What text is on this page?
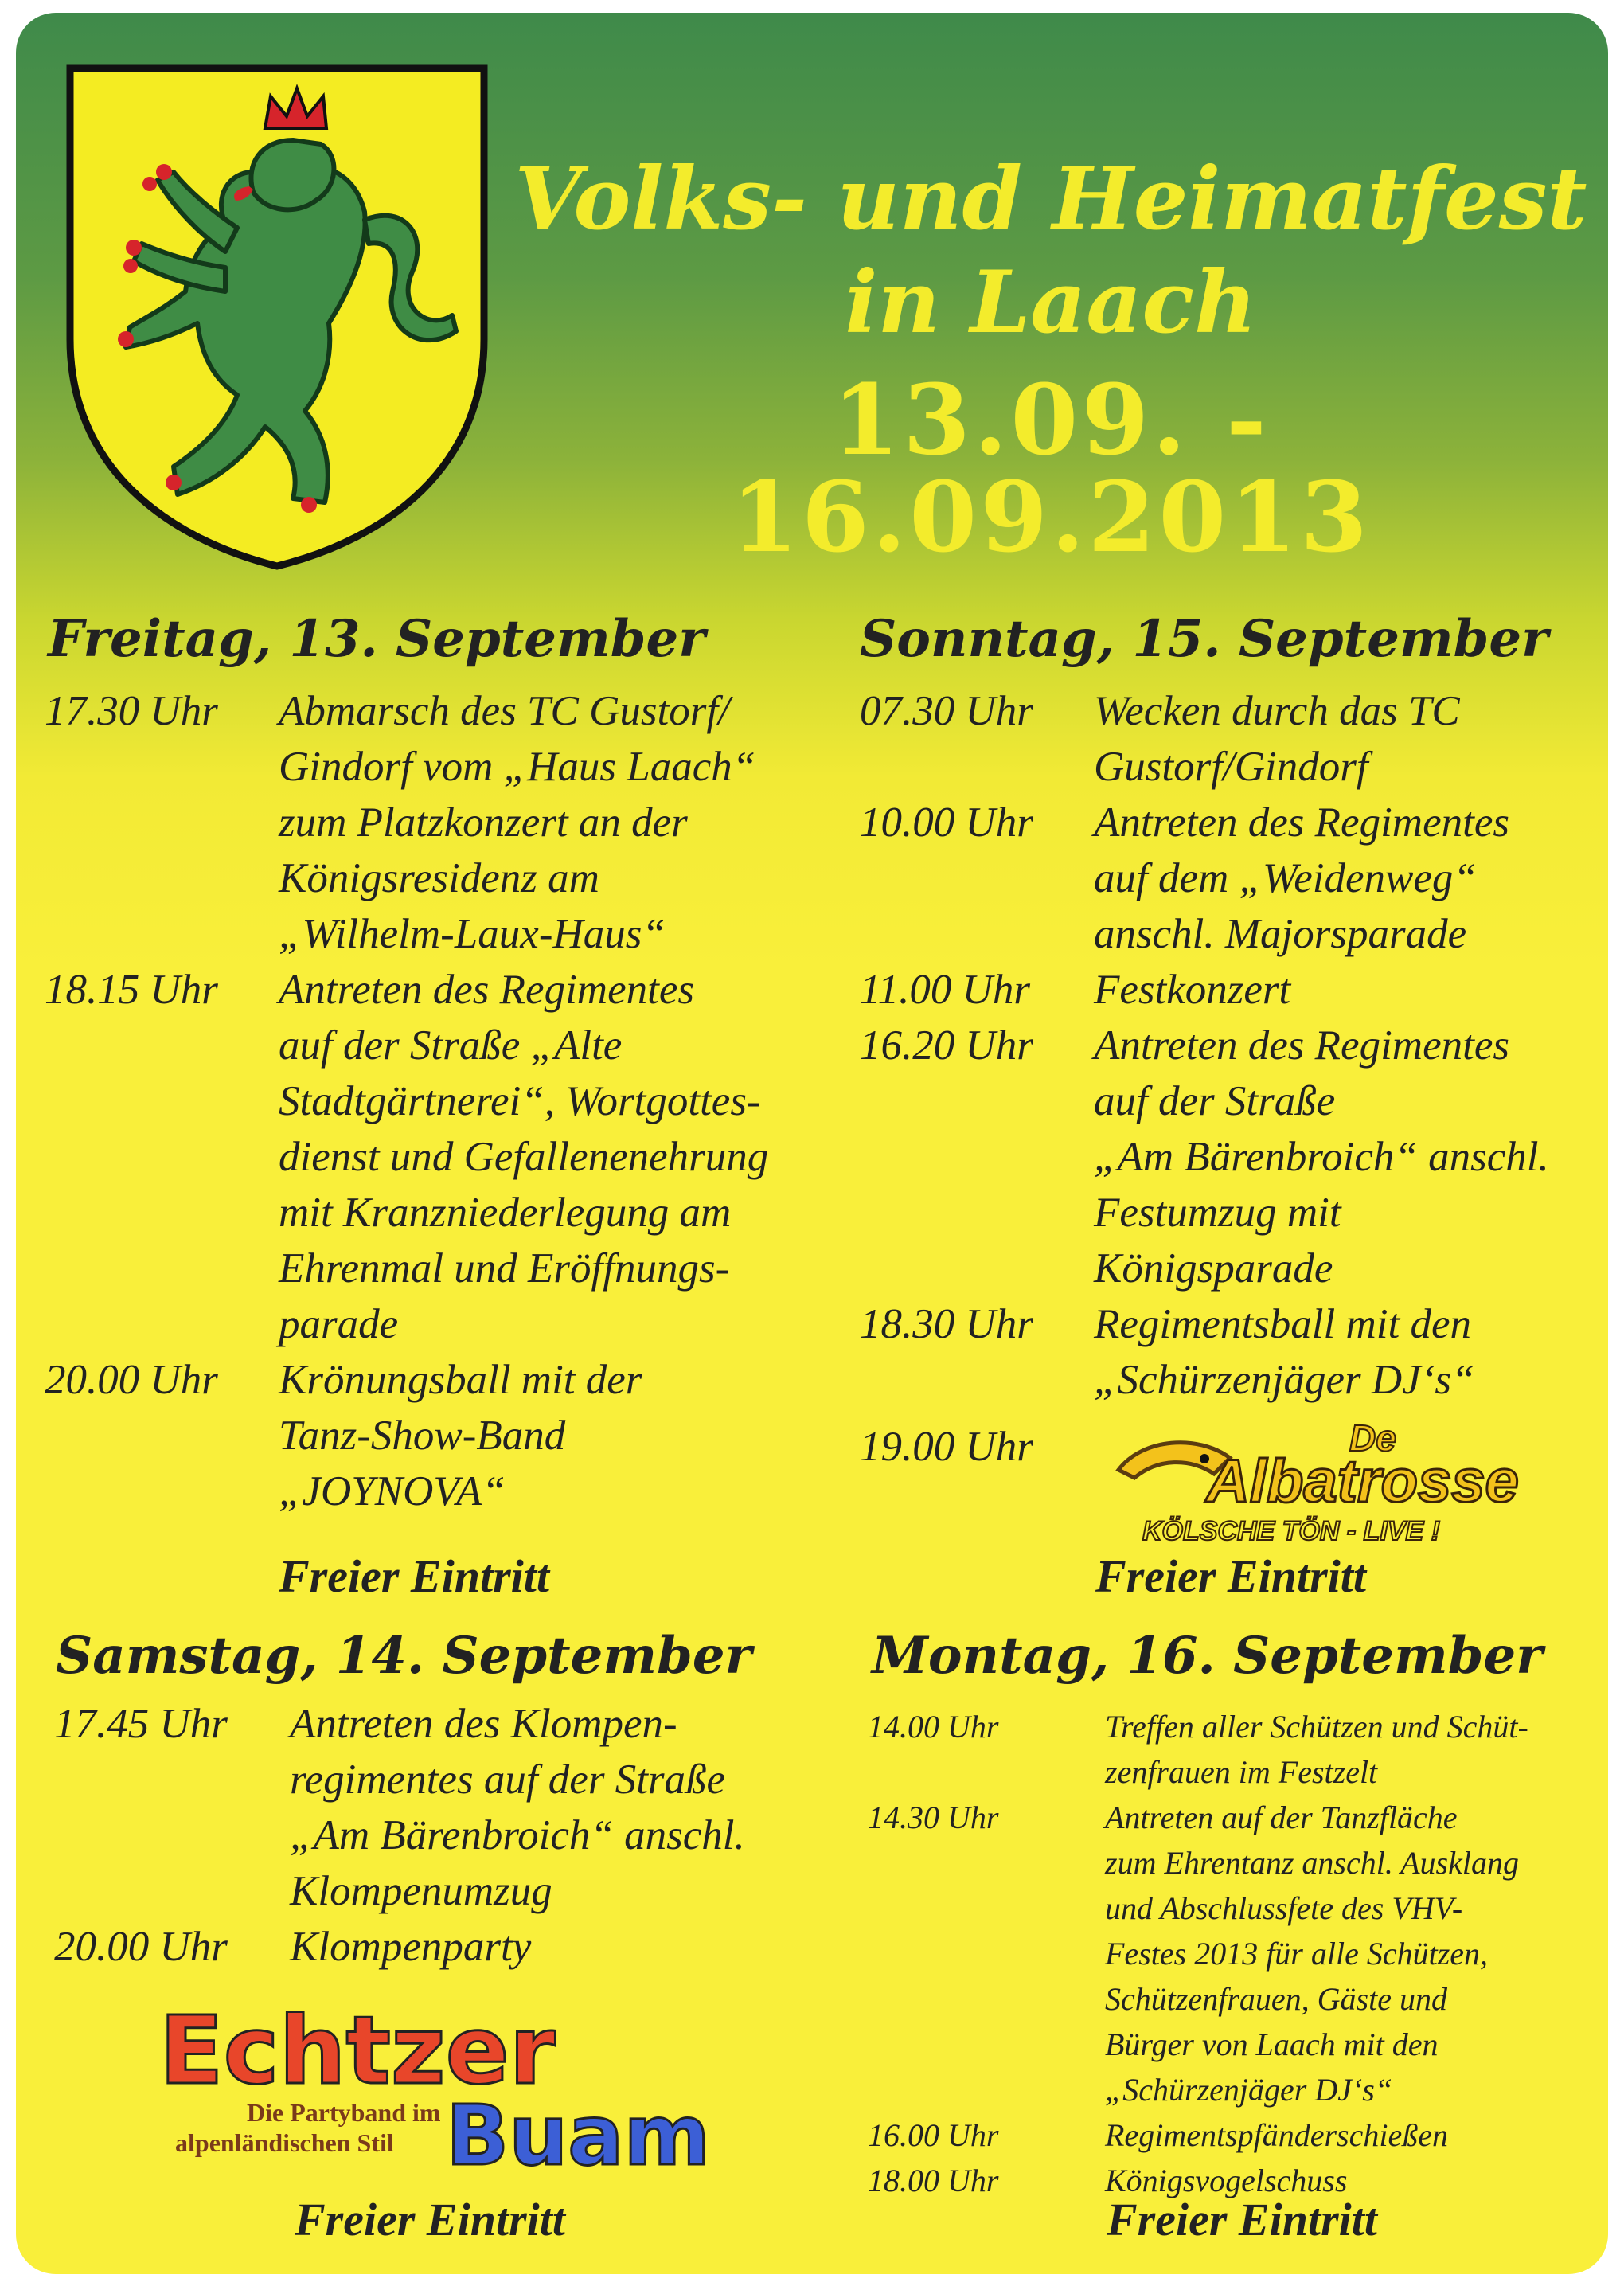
Volks- und Heimatfest
in Laach
13.09. - 16.09.2013
Freitag, 13. September
17.30 Uhr	Abmarsch des TC Gustorf/
Gindorf vom „Haus Laach“
zum Platzkonzert an der
Königsresidenz am
„Wilhelm-Laux-Haus“
18.15 Uhr	Antreten des Regimentes
auf der Straße „Alte
Stadtgärtnerei“, Wortgottes-
dienst und Gefallenenehrung
mit Kranzniederlegung am
Ehrenmal und Eröffnungs-
parade
20.00 Uhr	Krönungsball mit der
Tanz-Show-Band
„JOYNOVA“

Freier Eintritt

Sonntag, 15. September
07.30 Uhr	Wecken durch das TC
Gustorf/Gindorf
10.00 Uhr	Antreten des Regimentes
auf dem „Weidenweg“
anschl. Majorsparade
11.00 Uhr	Festkonzert
16.20 Uhr	Antreten des Regimentes
auf der Straße
„Am Bärenbroich“ anschl.
Festumzug mit
Königsparade
18.30 Uhr	Regimentsball mit den
„Schürzenjäger DJ‘s“
19.00 Uhr	De
Albatrosse
KÖLSCHE TÖN - LIVE !

Freier Eintritt

Samstag, 14. September
17.45 Uhr	Antreten des Klompen-
regimentes auf der Straße
„Am Bärenbroich“ anschl.
Klompenumzug
20.00 Uhr	Klompenparty
Echtzer
Buam
Die Partyband im
alpenländischen Stil

Freier Eintritt

Montag, 16. September
14.00 Uhr	Treffen aller Schützen und Schüt-
zenfrauen im Festzelt
14.30 Uhr	Antreten auf der Tanzfläche
zum Ehrentanz anschl. Ausklang
und Abschlussfete des VHV-
Festes 2013 für alle Schützen,
Schützenfrauen, Gäste und
Bürger von Laach mit den
„Schürzenjäger DJ‘s“
16.00 Uhr	Regimentspfänderschießen
18.00 Uhr	Königsvogelschuss

Freier Eintritt
